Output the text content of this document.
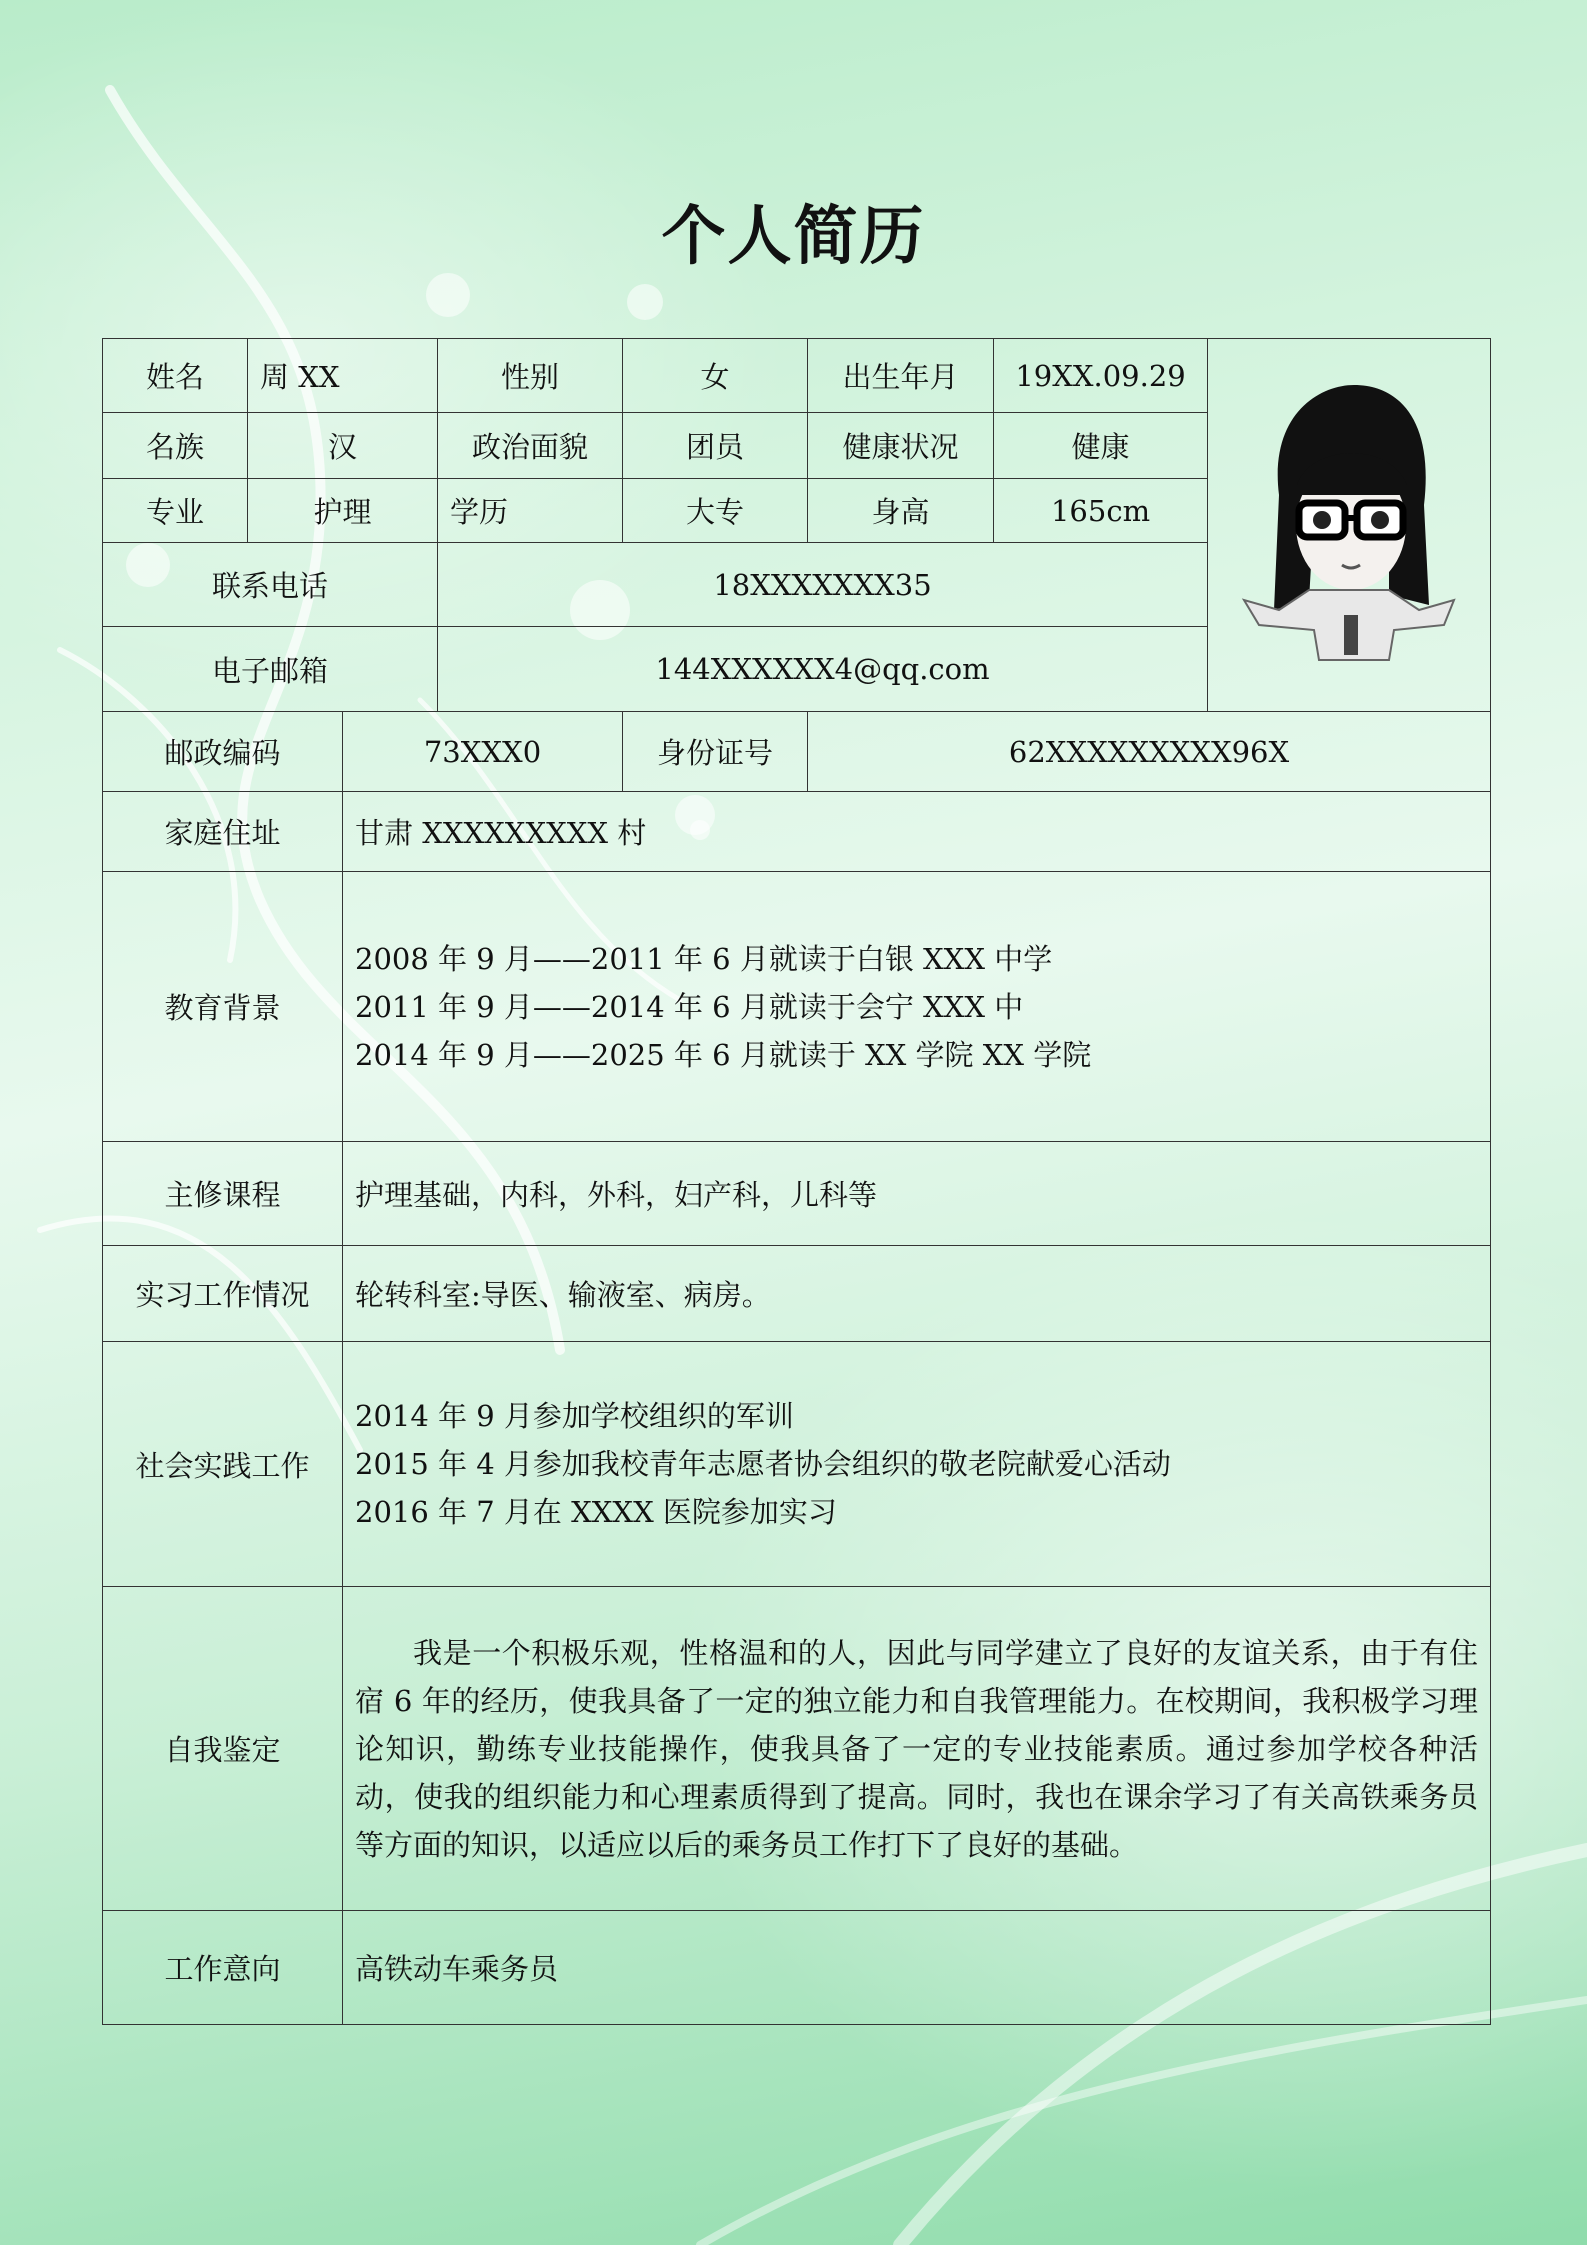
个人简历
姓名	周 XX		性别	女	出生年月	19XX.09.29	

名族	汉		政治面貌	团员	健康状况	健康	
专业	护理		学历	大专	身高	165cm	
联系电话			18XXXXXXX35				
电子邮箱			144XXXXXX4@qq.com				
邮政编码		73XXX0		身份证号	62XXXXXXXXX96X		
家庭住址		甘肃 XXXXXXXXX 村					
教育背景		2008 年 9 月——2011 年 6 月就读于白银 XXX 中学
2011 年 9 月——2014 年 6 月就读于会宁 XXX 中
2014 年 9 月——2025 年 6 月就读于 XX 学院 XX 学院					

主修课程		护理基础，内科，外科，妇产科，儿科等					
实习工作情况		轮转科室:导医、输液室、病房。					
社会实践工作		2014 年 9 月参加学校组织的军训
2015 年 4 月参加我校青年志愿者协会组织的敬老院献爱心活动
2016 年 7 月在 XXXX 医院参加实习					

自我鉴定		我是一个积极乐观，性格温和的人，因此与同学建立了良好的友谊关系，由于有住宿 6 年的经历，使我具备了一定的独立能力和自我管理能力。在校期间，我积极学习理论知识，勤练专业技能操作，使我具备了一定的专业技能素质。通过参加学校各种活动，使我的组织能力和心理素质得到了提高。同时，我也在课余学习了有关高铁乘务员等方面的知识，以适应以后的乘务员工作打下了良好的基础。					

工作意向		高铁动车乘务员					
